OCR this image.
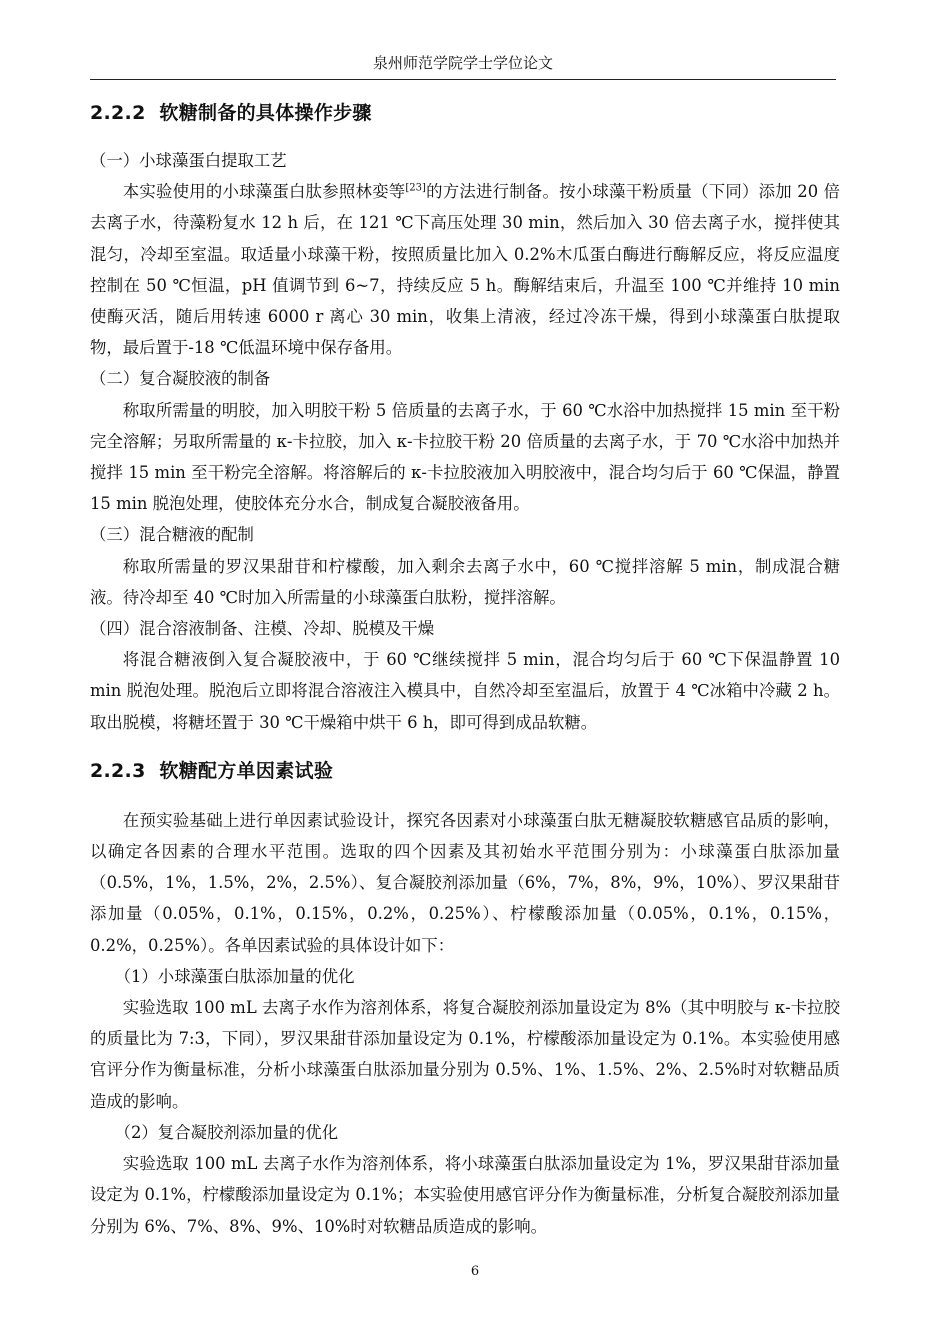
泉州师范学院学士学位论文
2.2.2  软糖制备的具体操作步骤
（一）小球藻蛋白提取工艺

本实验使用的小球藻蛋白肽参照林娈等[23]的方法进行制备。按小球藻干粉质量（下同）添加 20 倍去离子水，待藻粉复水 12 h 后，在 121 ℃下高压处理 30 min，然后加入 30 倍去离子水，搅拌使其混匀，冷却至室温。取适量小球藻干粉，按照质量比加入 0.2%木瓜蛋白酶进行酶解反应，将反应温度控制在 50 ℃恒温，pH 值调节到 6~7，持续反应 5 h。酶解结束后，升温至 100 ℃并维持 10 min 使酶灭活，随后用转速 6000 r 离心 30 min，收集上清液，经过冷冻干燥，得到小球藻蛋白肽提取物，最后置于-18 ℃低温环境中保存备用。

（二）复合凝胶液的制备

称取所需量的明胶，加入明胶干粉 5 倍质量的去离子水，于 60 ℃水浴中加热搅拌 15 min 至干粉完全溶解；另取所需量的 κ-卡拉胶，加入 κ-卡拉胶干粉 20 倍质量的去离子水，于 70 ℃水浴中加热并搅拌 15 min 至干粉完全溶解。将溶解后的 κ-卡拉胶液加入明胶液中，混合均匀后于 60 ℃保温，静置 15 min 脱泡处理，使胶体充分水合，制成复合凝胶液备用。

（三）混合糖液的配制

称取所需量的罗汉果甜苷和柠檬酸，加入剩余去离子水中，60 ℃搅拌溶解 5 min，制成混合糖液。待冷却至 40 ℃时加入所需量的小球藻蛋白肽粉，搅拌溶解。

（四）混合溶液制备、注模、冷却、脱模及干燥

将混合糖液倒入复合凝胶液中，于 60 ℃继续搅拌 5 min，混合均匀后于 60 ℃下保温静置 10 min 脱泡处理。脱泡后立即将混合溶液注入模具中，自然冷却至室温后，放置于 4 ℃冰箱中冷藏 2 h。取出脱模，将糖坯置于 30 ℃干燥箱中烘干 6 h，即可得到成品软糖。

2.2.3  软糖配方单因素试验

在预实验基础上进行单因素试验设计，探究各因素对小球藻蛋白肽无糖凝胶软糖感官品质的影响，以确定各因素的合理水平范围。选取的四个因素及其初始水平范围分别为：小球藻蛋白肽添加量（0.5%，1%，1.5%，2%，2.5%）、复合凝胶剂添加量（6%，7%，8%，9%，10%）、罗汉果甜苷添加量（0.05%，0.1%，0.15%，0.2%，0.25%）、柠檬酸添加量（0.05%，0.1%，0.15%，0.2%，0.25%）。各单因素试验的具体设计如下：

（1）小球藻蛋白肽添加量的优化

实验选取 100 mL 去离子水作为溶剂体系，将复合凝胶剂添加量设定为 8%（其中明胶与 κ-卡拉胶的质量比为 7:3，下同），罗汉果甜苷添加量设定为 0.1%，柠檬酸添加量设定为 0.1%。本实验使用感官评分作为衡量标准，分析小球藻蛋白肽添加量分别为 0.5%、1%、1.5%、2%、2.5%时对软糖品质造成的影响。

（2）复合凝胶剂添加量的优化

实验选取 100 mL 去离子水作为溶剂体系，将小球藻蛋白肽添加量设定为 1%，罗汉果甜苷添加量设定为 0.1%，柠檬酸添加量设定为 0.1%；本实验使用感官评分作为衡量标准，分析复合凝胶剂添加量分别为 6%、7%、8%、9%、10%时对软糖品质造成的影响。

6
